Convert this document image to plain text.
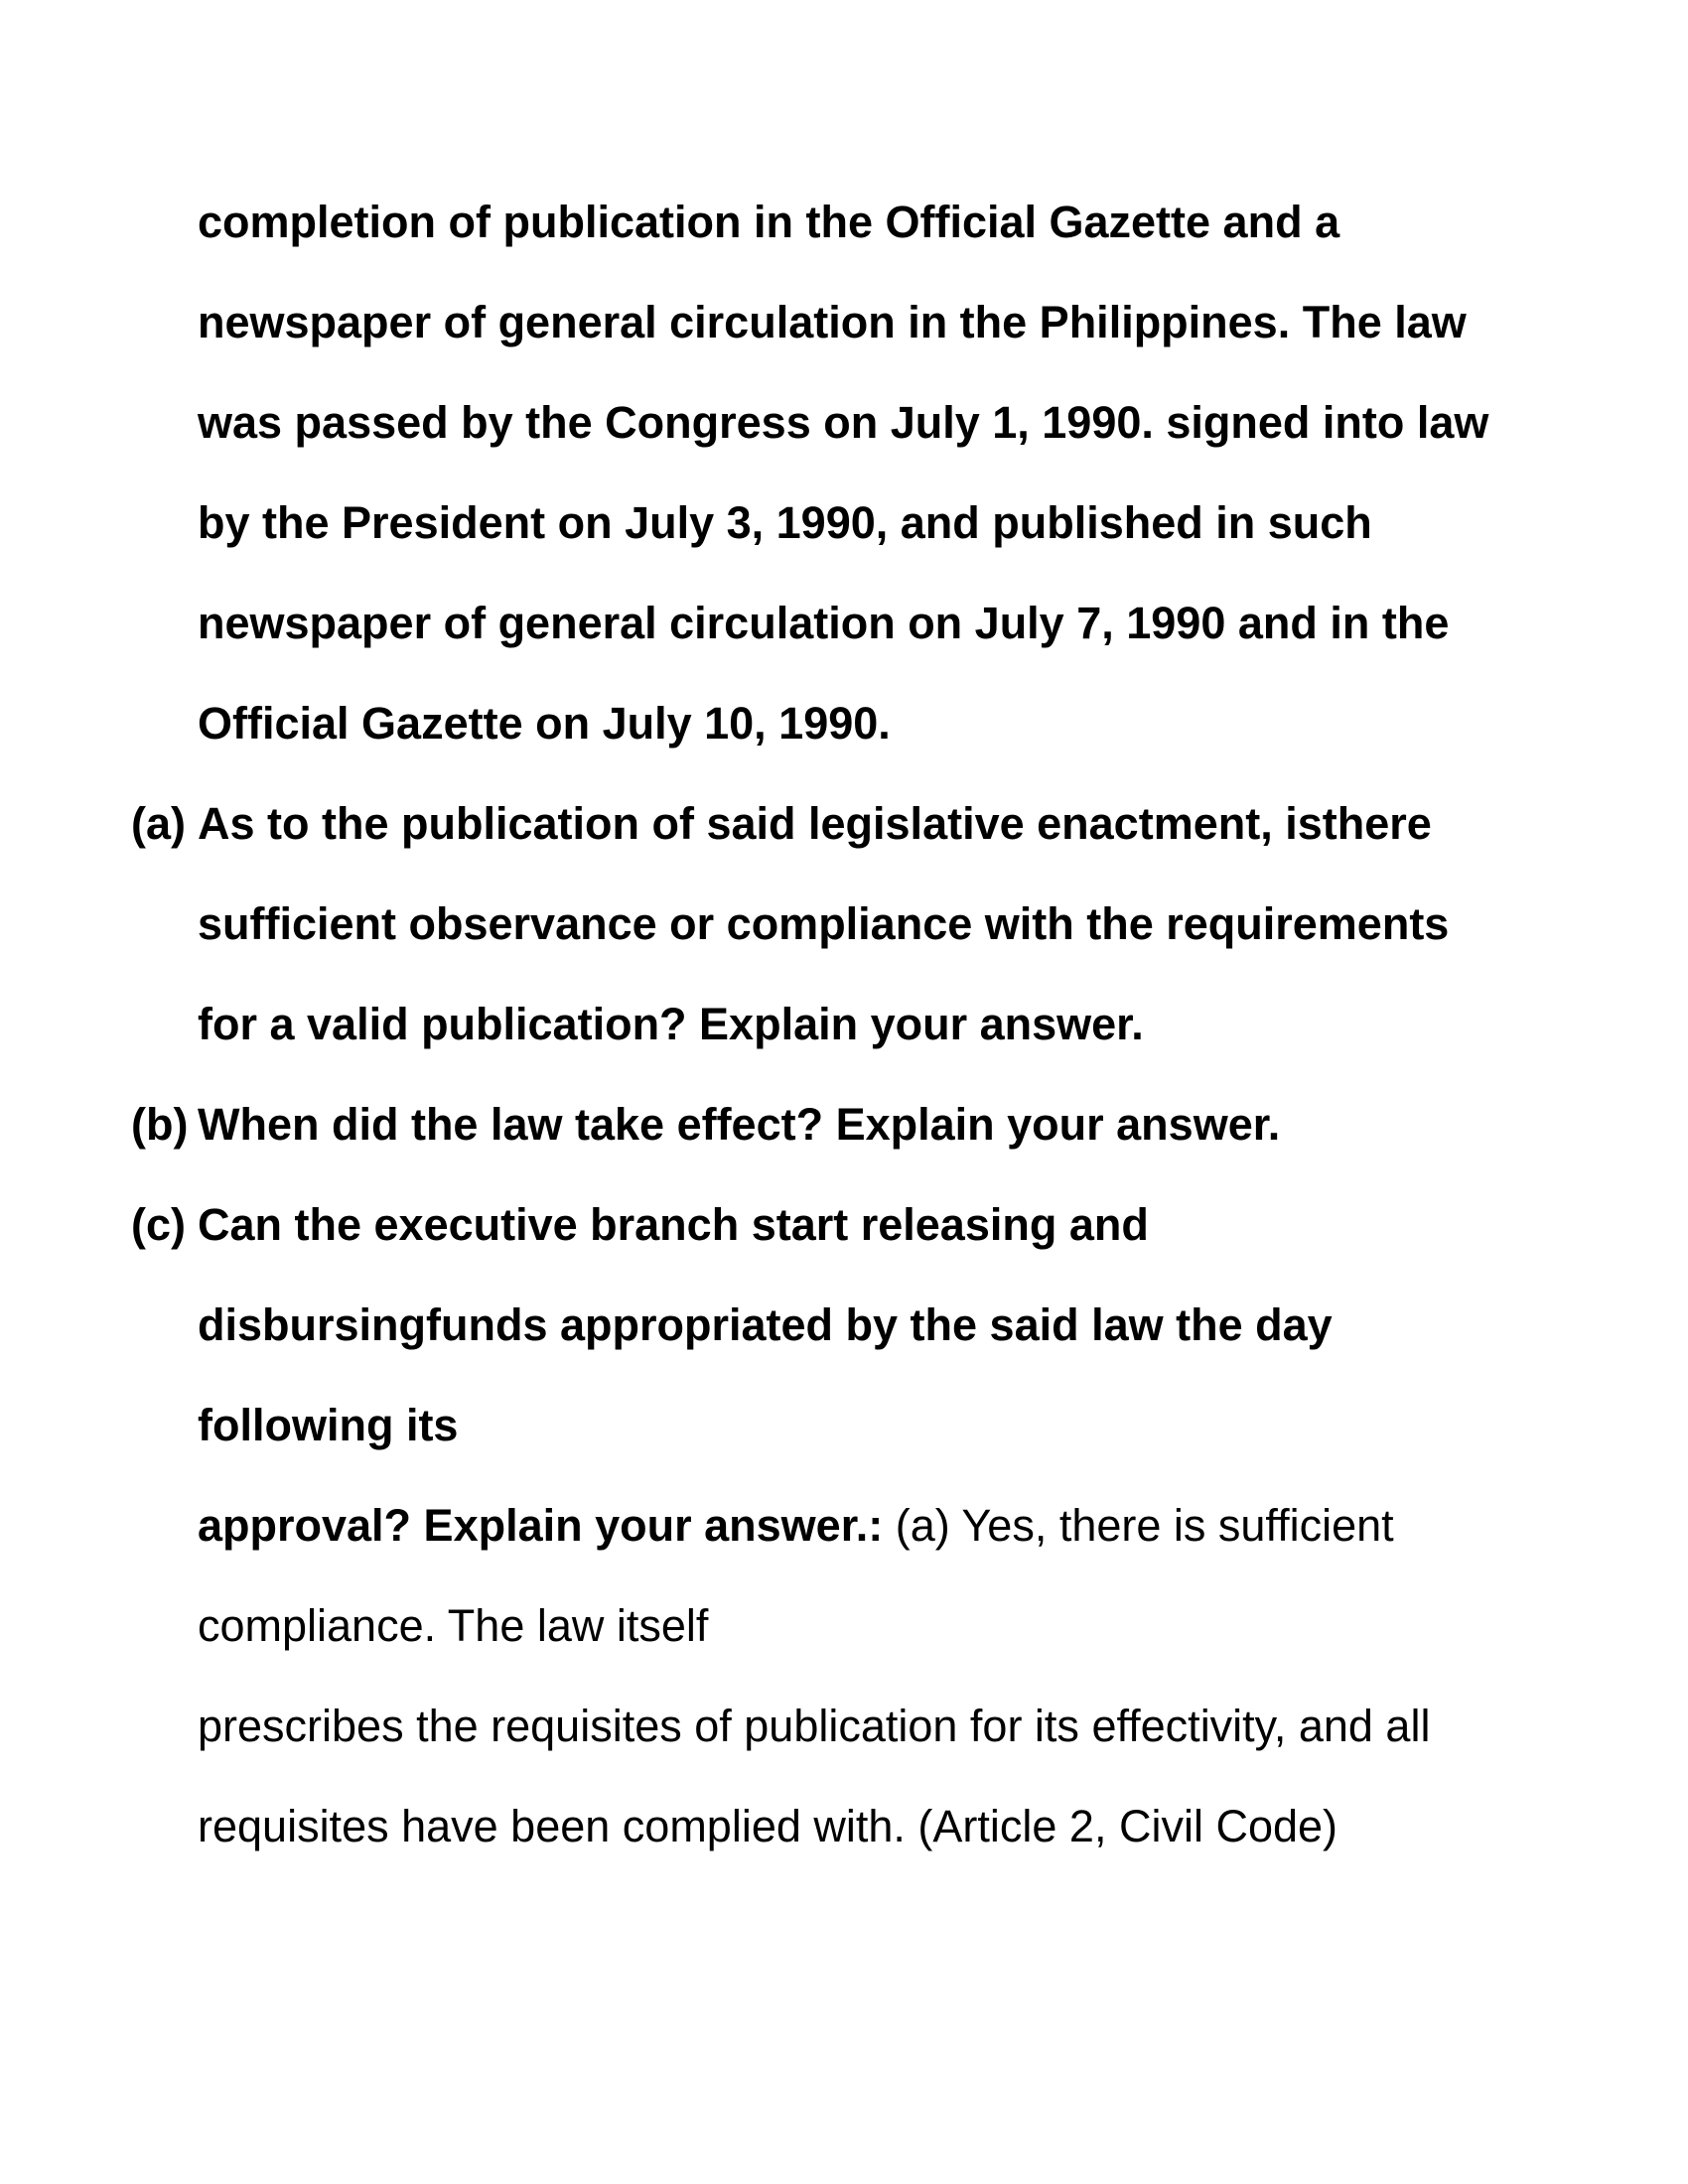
completion of publication in the Official Gazette and a

newspaper of general circulation in the Philippines. The law

was passed by the Congress on July 1, 1990. signed into law

by the President on July 3, 1990, and published in such

newspaper of general circulation on July 7, 1990 and in the

Official Gazette on July 10, 1990.

(a) As to the publication of said legislative enactment, isthere

sufficient observance or compliance with the requirements

for a valid publication? Explain your answer.

(b) When did the law take effect? Explain your answer.

(c) Can the executive branch start releasing and

disbursingfunds appropriated by the said law the day

following its

approval? Explain your answer.: (a) Yes, there is sufficient

compliance. The law itself

prescribes the requisites of publication for its effectivity, and all

requisites have been complied with. (Article 2, Civil Code)
